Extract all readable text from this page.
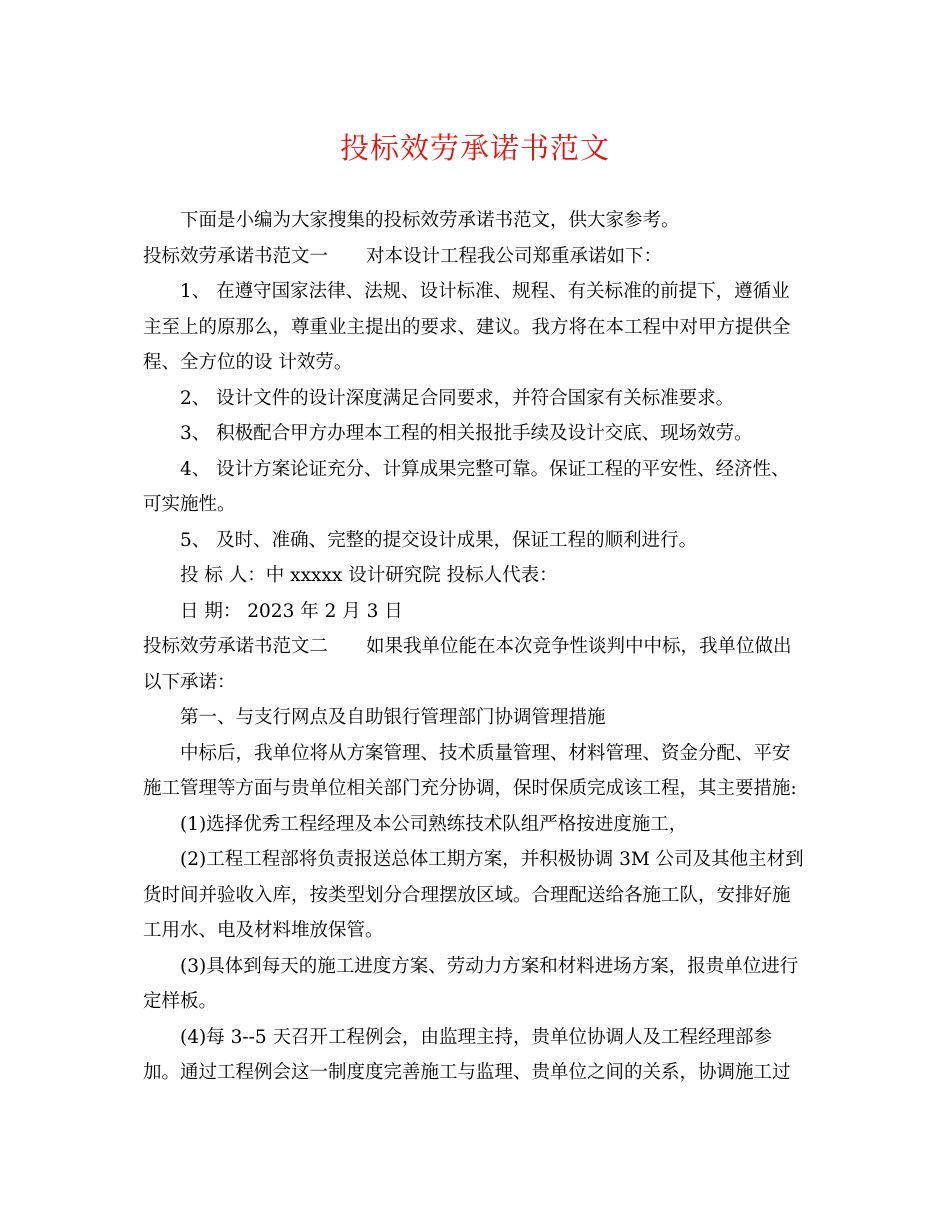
投标效劳承诺书范文
下面是小编为大家搜集的投标效劳承诺书范文，供大家参考。
投标效劳承诺书范文一 对本设计工程我公司郑重承诺如下：
1、 在遵守国家法律、法规、设计标准、规程、有关标准的前提下，遵循业
主至上的原那么，尊重业主提出的要求、建议。我方将在本工程中对甲方提供全
程、全方位的设 计效劳。
2、 设计文件的设计深度满足合同要求，并符合国家有关标准要求。
3、 积极配合甲方办理本工程的相关报批手续及设计交底、现场效劳。
4、 设计方案论证充分、计算成果完整可靠。保证工程的平安性、经济性、
可实施性。
5、 及时、准确、完整的提交设计成果，保证工程的顺利进行。
投 标 人：中 xxxxx 设计研究院 投标人代表：
日 期： 2023 年 2 月 3 日
投标效劳承诺书范文二 如果我单位能在本次竞争性谈判中中标，我单位做出
以下承诺：
第一、与支行网点及自助银行管理部门协调管理措施
中标后，我单位将从方案管理、技术质量管理、材料管理、资金分配、平安
施工管理等方面与贵单位相关部门充分协调，保时保质完成该工程，其主要措施:
(1)选择优秀工程经理及本公司熟练技术队组严格按进度施工，
(2)工程工程部将负责报送总体工期方案，并积极协调 3M 公司及其他主材到
货时间并验收入库，按类型划分合理摆放区域。合理配送给各施工队，安排好施
工用水、电及材料堆放保管。
(3)具体到每天的施工进度方案、劳动力方案和材料进场方案，报贵单位进行
定样板。
(4)每 3--5 天召开工程例会，由监理主持，贵单位协调人及工程经理部参
加。通过工程例会这一制度度完善施工与监理、贵单位之间的关系，协调施工过
